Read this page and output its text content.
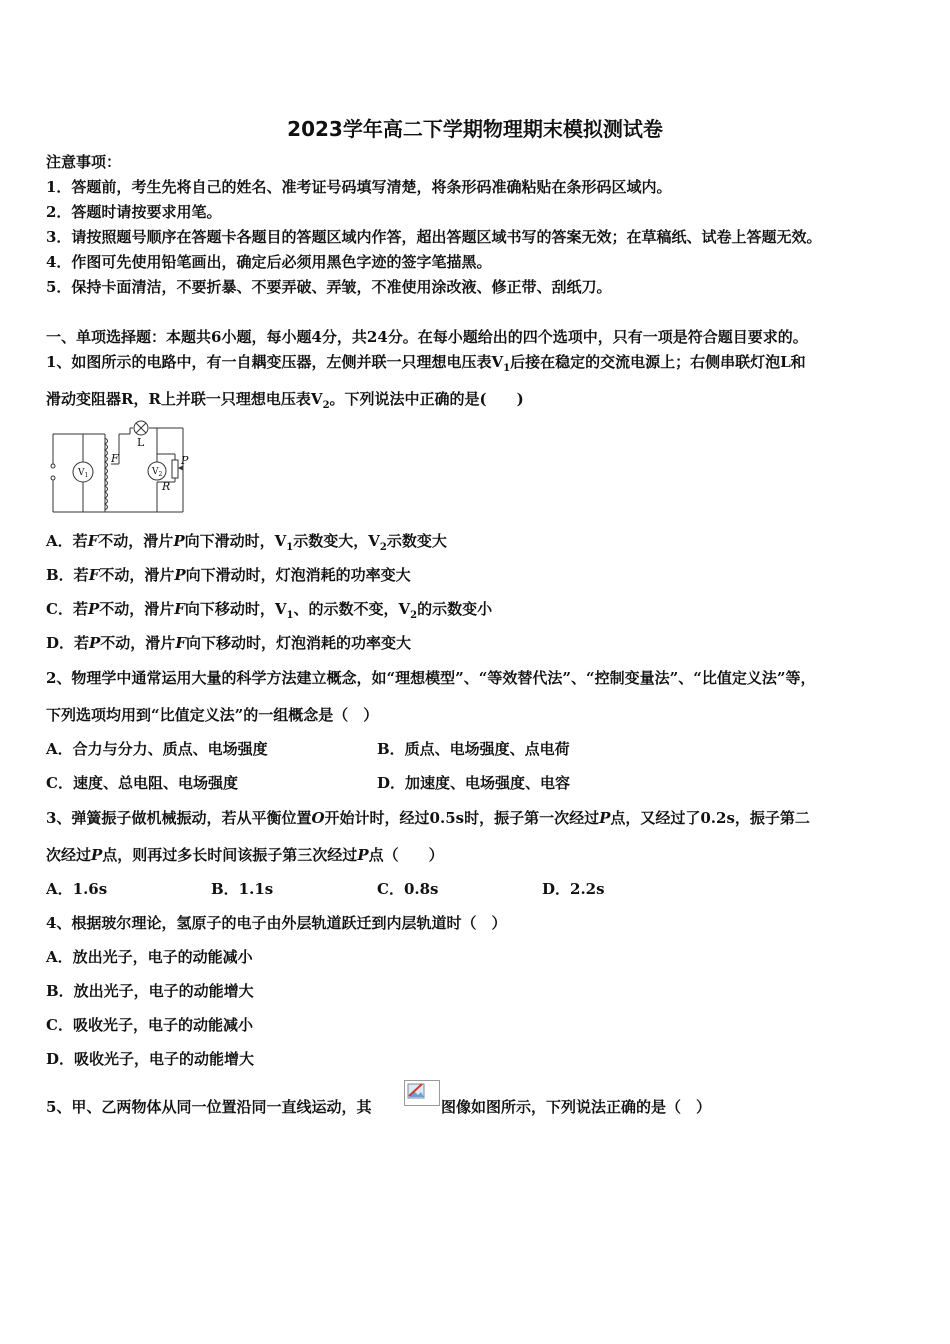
2023学年高二下学期物理期末模拟测试卷
注意事项：
1．答题前，考生先将自己的姓名、准考证号码填写清楚，将条形码准确粘贴在条形码区域内。
2．答题时请按要求用笔。
3．请按照题号顺序在答题卡各题目的答题区域内作答，超出答题区域书写的答案无效；在草稿纸、试卷上答题无效。
4．作图可先使用铅笔画出，确定后必须用黑色字迹的签字笔描黑。
5．保持卡面清洁，不要折暴、不要弄破、弄皱，不准使用涂改液、修正带、刮纸刀。
一、单项选择题：本题共6小题，每小题4分，共24分。在每小题给出的四个选项中，只有一项是符合题目要求的。
1、如图所示的电路中，有一自耦变压器，左侧并联一只理想电压表$V_1$后接在稳定的交流电源上；右侧串联灯泡L和
滑动变阻器R，R上并联一只理想电压表$V_2$。下列说法中正确的是(　　)
$V_1$	$V_2$
F	P
R
L
A．若F不动，滑片P向下滑动时，$V_1$示数变大，$V_2$示数变大
B．若F不动，滑片P向下滑动时，灯泡消耗的功率变大
C．若P不动，滑片F向下移动时，$V_1$、的示数不变，$V_2$的示数变小
D．若P不动，滑片F向下移动时，灯泡消耗的功率变大
2、物理学中通常运用大量的科学方法建立概念，如“理想模型”、“等效替代法”、“控制变量法”、“比值定义法”等，
下列选项均用到“比值定义法”的一组概念是（　）
A．合力与分力、质点、电场强度	B．质点、电场强度、点电荷
C．速度、总电阻、电场强度	D．加速度、电场强度、电容
3、弹簧振子做机械振动，若从平衡位置O开始计时，经过0.5s时，振子第一次经过P点，又经过了0.2s，振子第二
次经过P点，则再过多长时间该振子第三次经过P点（　　）
A．1.6s	B．1.1s	C．0.8s	D．2.2s
4、根据玻尔理论，氢原子的电子由外层轨道跃迁到内层轨道时（　）
A．放出光子，电子的动能减小
B．放出光子，电子的动能增大
C．吸收光子，电子的动能减小
D．吸收光子，电子的动能增大
5、甲、乙两物体从同一位置沿同一直线运动，其	图像如图所示，下列说法正确的是（　）
